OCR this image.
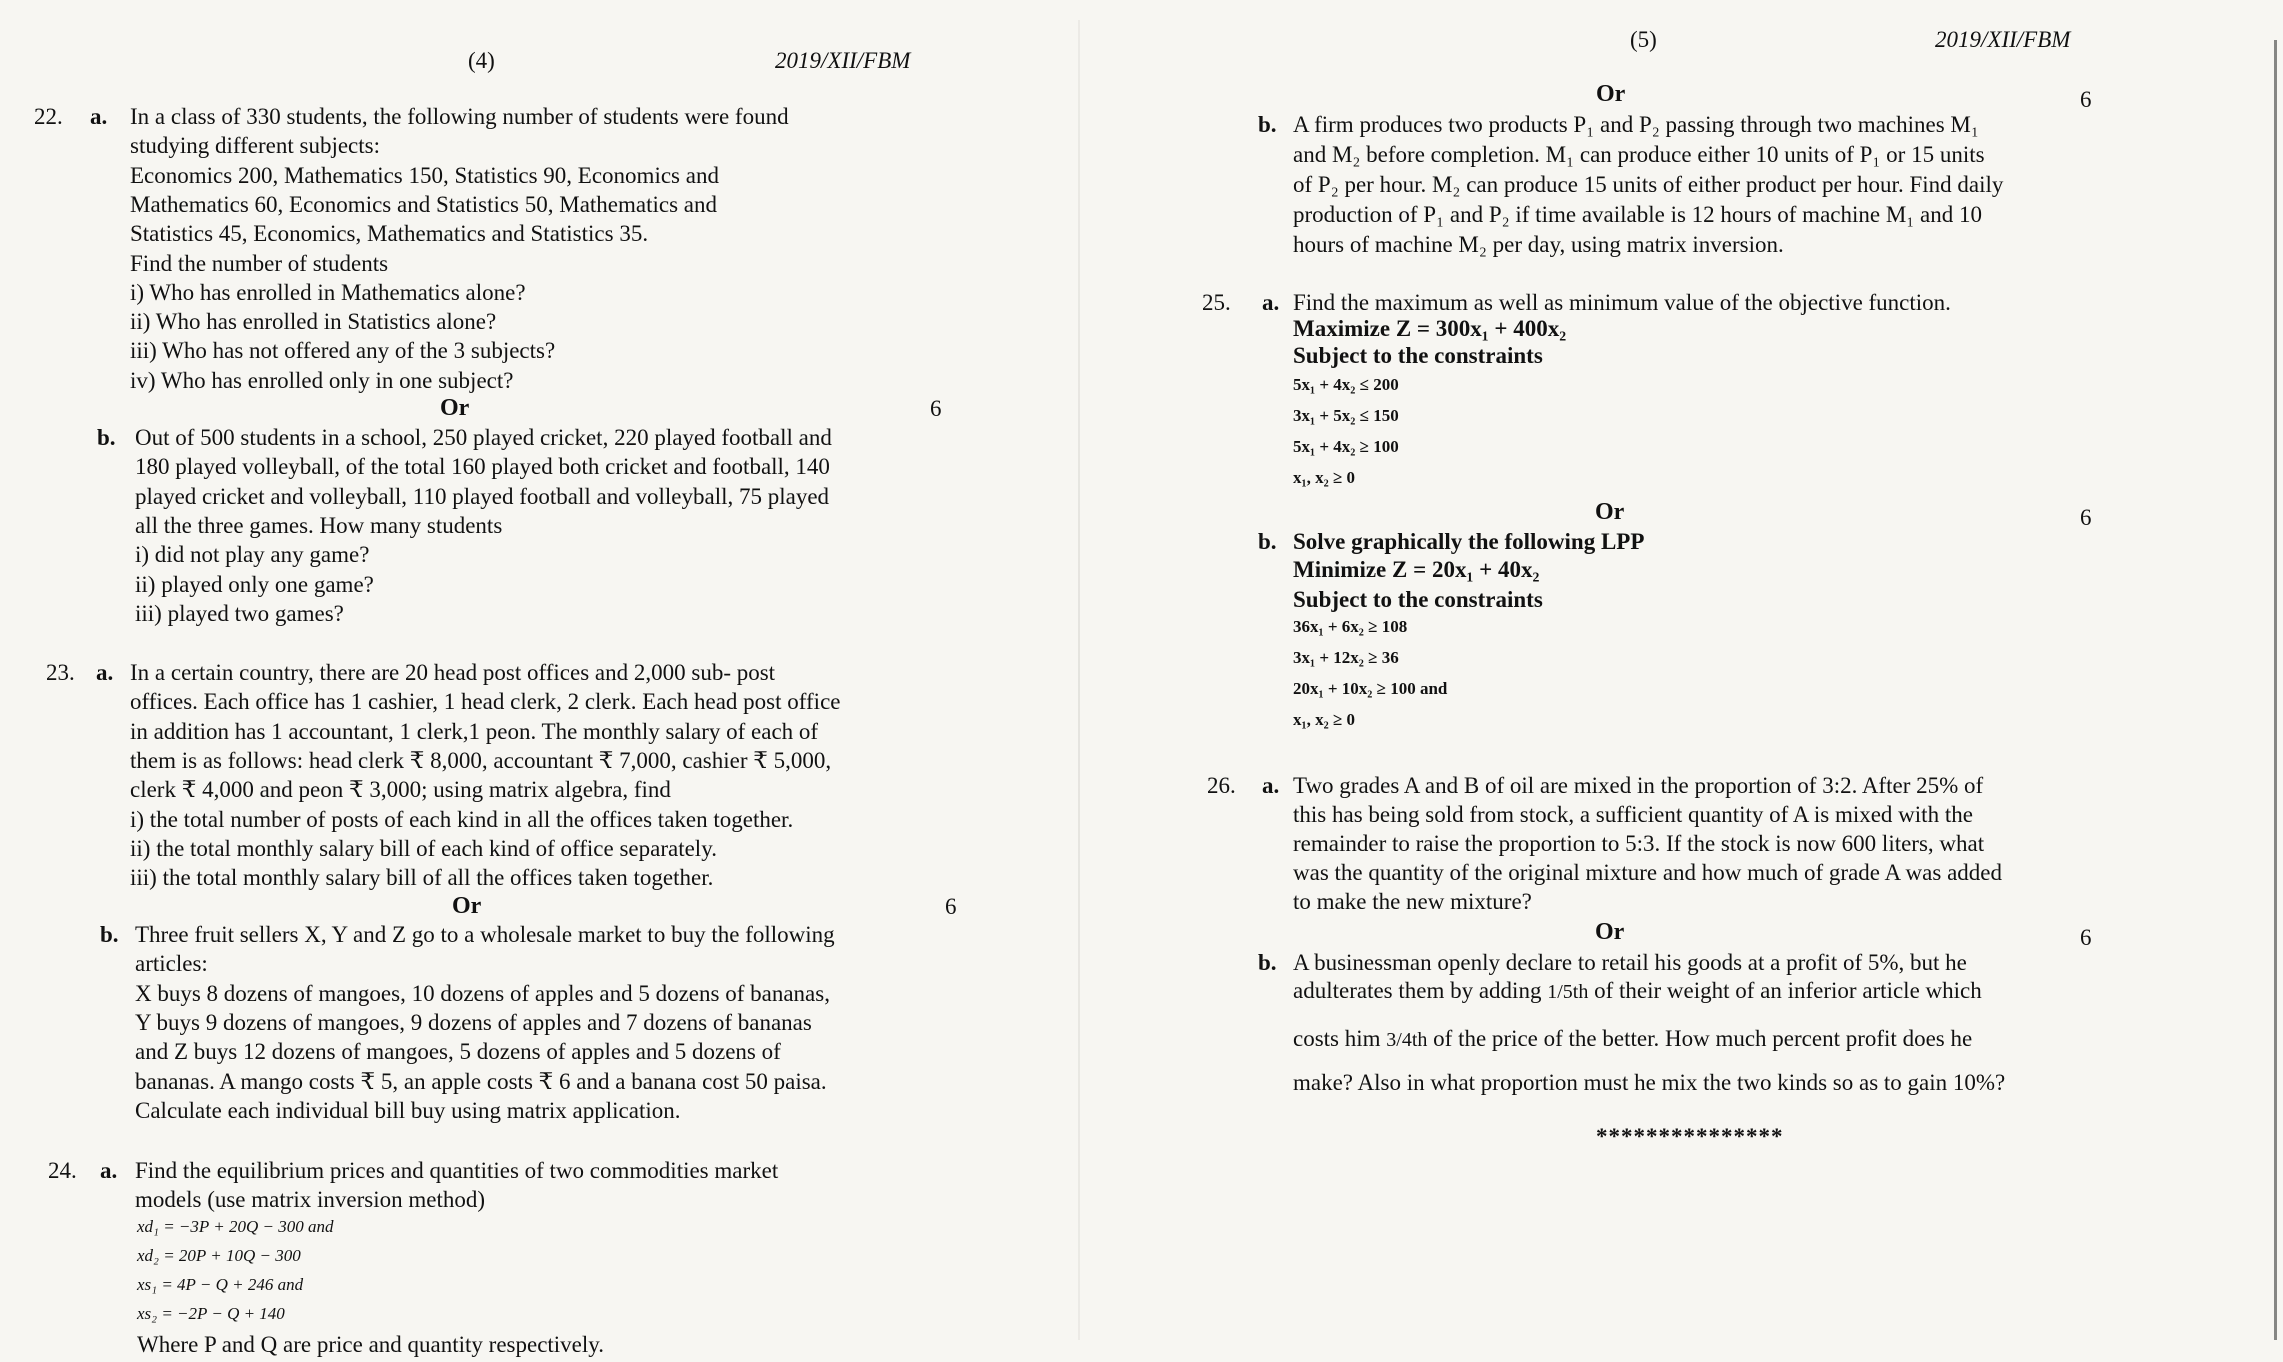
(4)	2019/XII/FBM
22. a. In a class of 330 students, the following number of students were found
studying different subjects:
Economics 200, Mathematics 150, Statistics 90, Economics and
Mathematics 60, Economics and Statistics 50, Mathematics and
Statistics 45, Economics, Mathematics and Statistics 35.
Find the number of students
i) Who has enrolled in Mathematics alone?
ii) Who has enrolled in Statistics alone?
iii) Who has not offered any of the 3 subjects?
iv) Who has enrolled only in one subject?
Or	6
b. Out of 500 students in a school, 250 played cricket, 220 played football and
180 played volleyball, of the total 160 played both cricket and football, 140
played cricket and volleyball, 110 played football and volleyball, 75 played
all the three games. How many students
i) did not play any game?
ii) played only one game?
iii) played two games?
23. a. In a certain country, there are 20 head post offices and 2,000 sub- post
offices. Each office has 1 cashier, 1 head clerk, 2 clerk. Each head post office
in addition has 1 accountant, 1 clerk,1 peon. The monthly salary of each of
them is as follows: head clerk ₹ 8,000, accountant ₹ 7,000, cashier ₹ 5,000,
clerk ₹ 4,000 and peon ₹ 3,000; using matrix algebra, find
i) the total number of posts of each kind in all the offices taken together.
ii) the total monthly salary bill of each kind of office separately.
iii) the total monthly salary bill of all the offices taken together.
Or	6
b. Three fruit sellers X, Y and Z go to a wholesale market to buy the following
articles:
X buys 8 dozens of mangoes, 10 dozens of apples and 5 dozens of bananas,
Y buys 9 dozens of mangoes, 9 dozens of apples and 7 dozens of bananas
and Z buys 12 dozens of mangoes, 5 dozens of apples and 5 dozens of
bananas. A mango costs ₹ 5, an apple costs ₹ 6 and a banana cost 50 paisa.
Calculate each individual bill buy using matrix application.
24. a. Find the equilibrium prices and quantities of two commodities market
models (use matrix inversion method)
xd₁ = −3P + 20Q − 300 and
xd₂ = 20P + 10Q − 300
xs₁ = 4P − Q + 246 and
xs₂ = −2P − Q + 140
Where P and Q are price and quantity respectively.
(5)	2019/XII/FBM
Or	6
b. A firm produces two products P₁ and P₂ passing through two machines M₁
and M₂ before completion. M₁ can produce either 10 units of P₁ or 15 units
of P₂ per hour. M₂ can produce 15 units of either product per hour. Find daily
production of P₁ and P₂ if time available is 12 hours of machine M₁ and 10
hours of machine M₂ per day, using matrix inversion.
25. a. Find the maximum as well as minimum value of the objective function.
Maximize Z = 300x₁ + 400x₂
Subject to the constraints
5x₁ + 4x₂ ≤ 200
3x₁ + 5x₂ ≤ 150
5x₁ + 4x₂ ≥ 100
x₁, x₂ ≥ 0
Or	6
b. Solve graphically the following LPP
Minimize Z = 20x₁ + 40x₂
Subject to the constraints
36x₁ + 6x₂ ≥ 108
3x₁ + 12x₂ ≥ 36
20x₁ + 10x₂ ≥ 100 and
x₁, x₂ ≥ 0
26. a. Two grades A and B of oil are mixed in the proportion of 3:2. After 25% of
this has being sold from stock, a sufficient quantity of A is mixed with the
remainder to raise the proportion to 5:3. If the stock is now 600 liters, what
was the quantity of the original mixture and how much of grade A was added
to make the new mixture?
Or	6
b. A businessman openly declare to retail his goods at a profit of 5%, but he
adulterates them by adding 1/5th of their weight of an inferior article which
costs him 3/4th of the price of the better. How much percent profit does he
make? Also in what proportion must he mix the two kinds so as to gain 10%?
***************
